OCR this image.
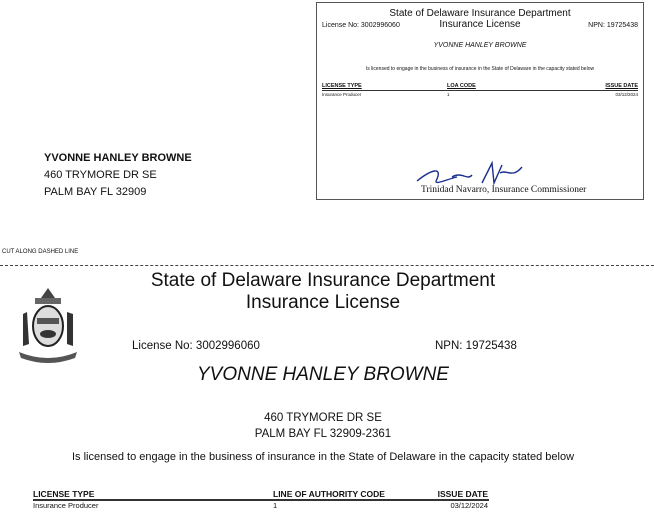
State of Delaware Insurance Department
Insurance License
License No: 3002996060	NPN: 19725438
YVONNE HANLEY BROWNE
Is licensed to engage in the business of insurance in the State of Delaware in the capacity stated below
LICENSE TYPE	LOA CODE	ISSUE DATE
Insurance Producer	1	03/12/2024
Trinidad Navarro, Insurance Commissioner
YVONNE HANLEY BROWNE
460 TRYMORE DR SE
PALM BAY FL 32909
CUT ALONG DASHED LINE
State of Delaware Insurance Department
Insurance License
License No: 3002996060	NPN: 19725438
YVONNE HANLEY BROWNE
460 TRYMORE DR SE
PALM BAY FL 32909-2361
Is licensed to engage in the business of insurance in the State of Delaware in the capacity stated below
LICENSE TYPE	LINE OF AUTHORITY CODE	ISSUE DATE
Insurance Producer	1	03/12/2024
